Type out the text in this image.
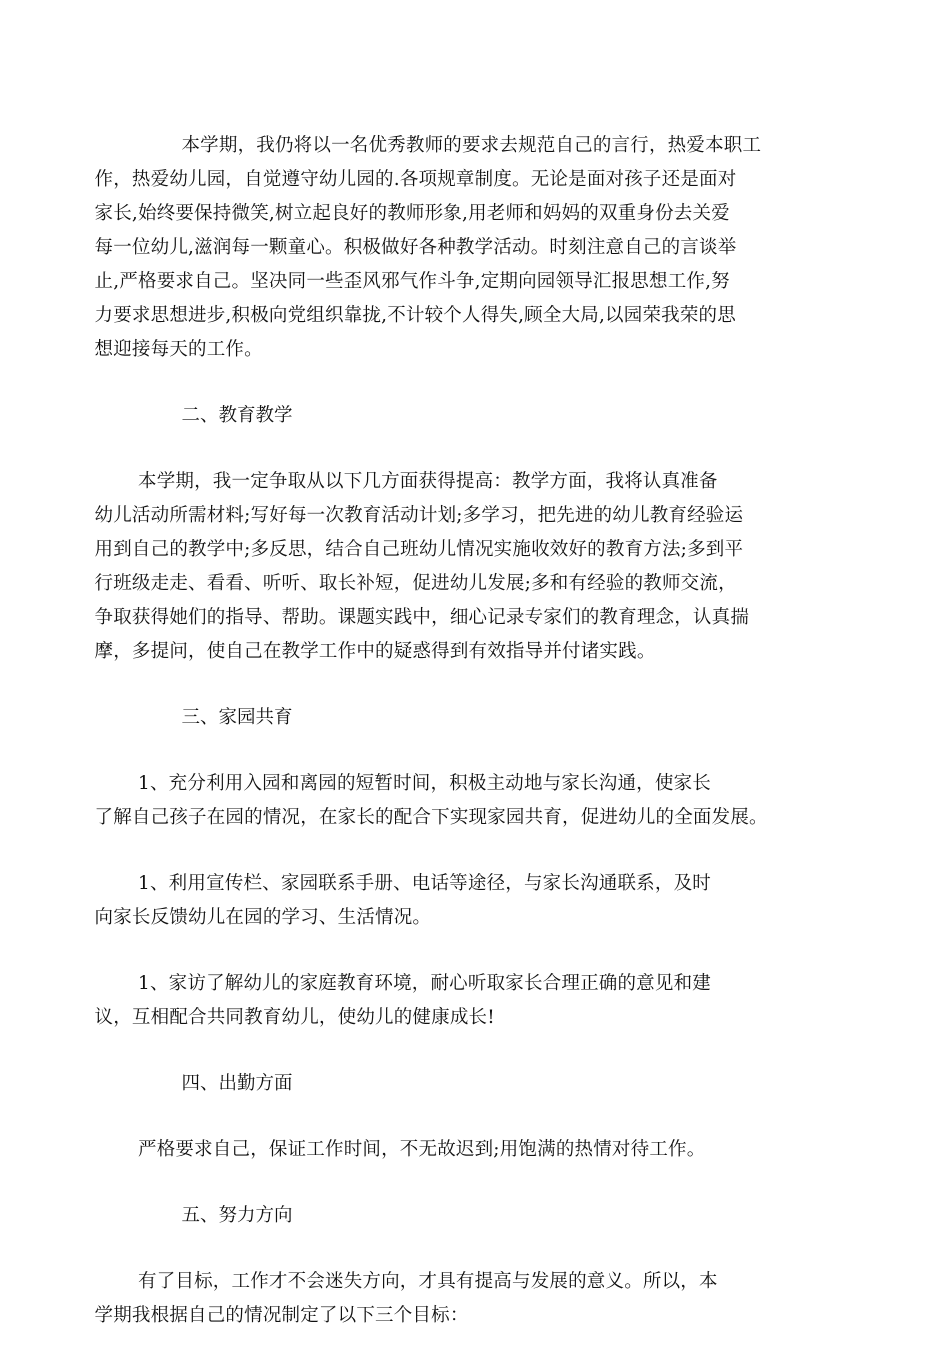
本学期，我仍将以一名优秀教师的要求去规范自己的言行，热爱本职工
作，热爱幼儿园，自觉遵守幼儿园的.各项规章制度。无论是面对孩子还是面对
家长,始终要保持微笑,树立起良好的教师形象,用老师和妈妈的双重身份去关爱
每一位幼儿,滋润每一颗童心。积极做好各种教学活动。时刻注意自己的言谈举
止,严格要求自己。坚决同一些歪风邪气作斗争,定期向园领导汇报思想工作,努
力要求思想进步,积极向党组织靠拢,不计较个人得失,顾全大局,以园荣我荣的思
想迎接每天的工作。

二、教育教学

本学期，我一定争取从以下几方面获得提高：教学方面，我将认真准备
幼儿活动所需材料;写好每一次教育活动计划;多学习，把先进的幼儿教育经验运
用到自己的教学中;多反思，结合自己班幼儿情况实施收效好的教育方法;多到平
行班级走走、看看、听听、取长补短，促进幼儿发展;多和有经验的教师交流，
争取获得她们的指导、帮助。课题实践中，细心记录专家们的教育理念，认真揣
摩，多提问，使自己在教学工作中的疑惑得到有效指导并付诸实践。

三、家园共育

1、充分利用入园和离园的短暂时间，积极主动地与家长沟通，使家长
了解自己孩子在园的情况，在家长的配合下实现家园共育，促进幼儿的全面发展。

1、利用宣传栏、家园联系手册、电话等途径，与家长沟通联系，及时
向家长反馈幼儿在园的学习、生活情况。

1、家访了解幼儿的家庭教育环境，耐心听取家长合理正确的意见和建
议，互相配合共同教育幼儿，使幼儿的健康成长!

四、出勤方面

严格要求自己，保证工作时间，不无故迟到;用饱满的热情对待工作。

五、努力方向

有了目标，工作才不会迷失方向，才具有提高与发展的意义。所以，本
学期我根据自己的情况制定了以下三个目标：
